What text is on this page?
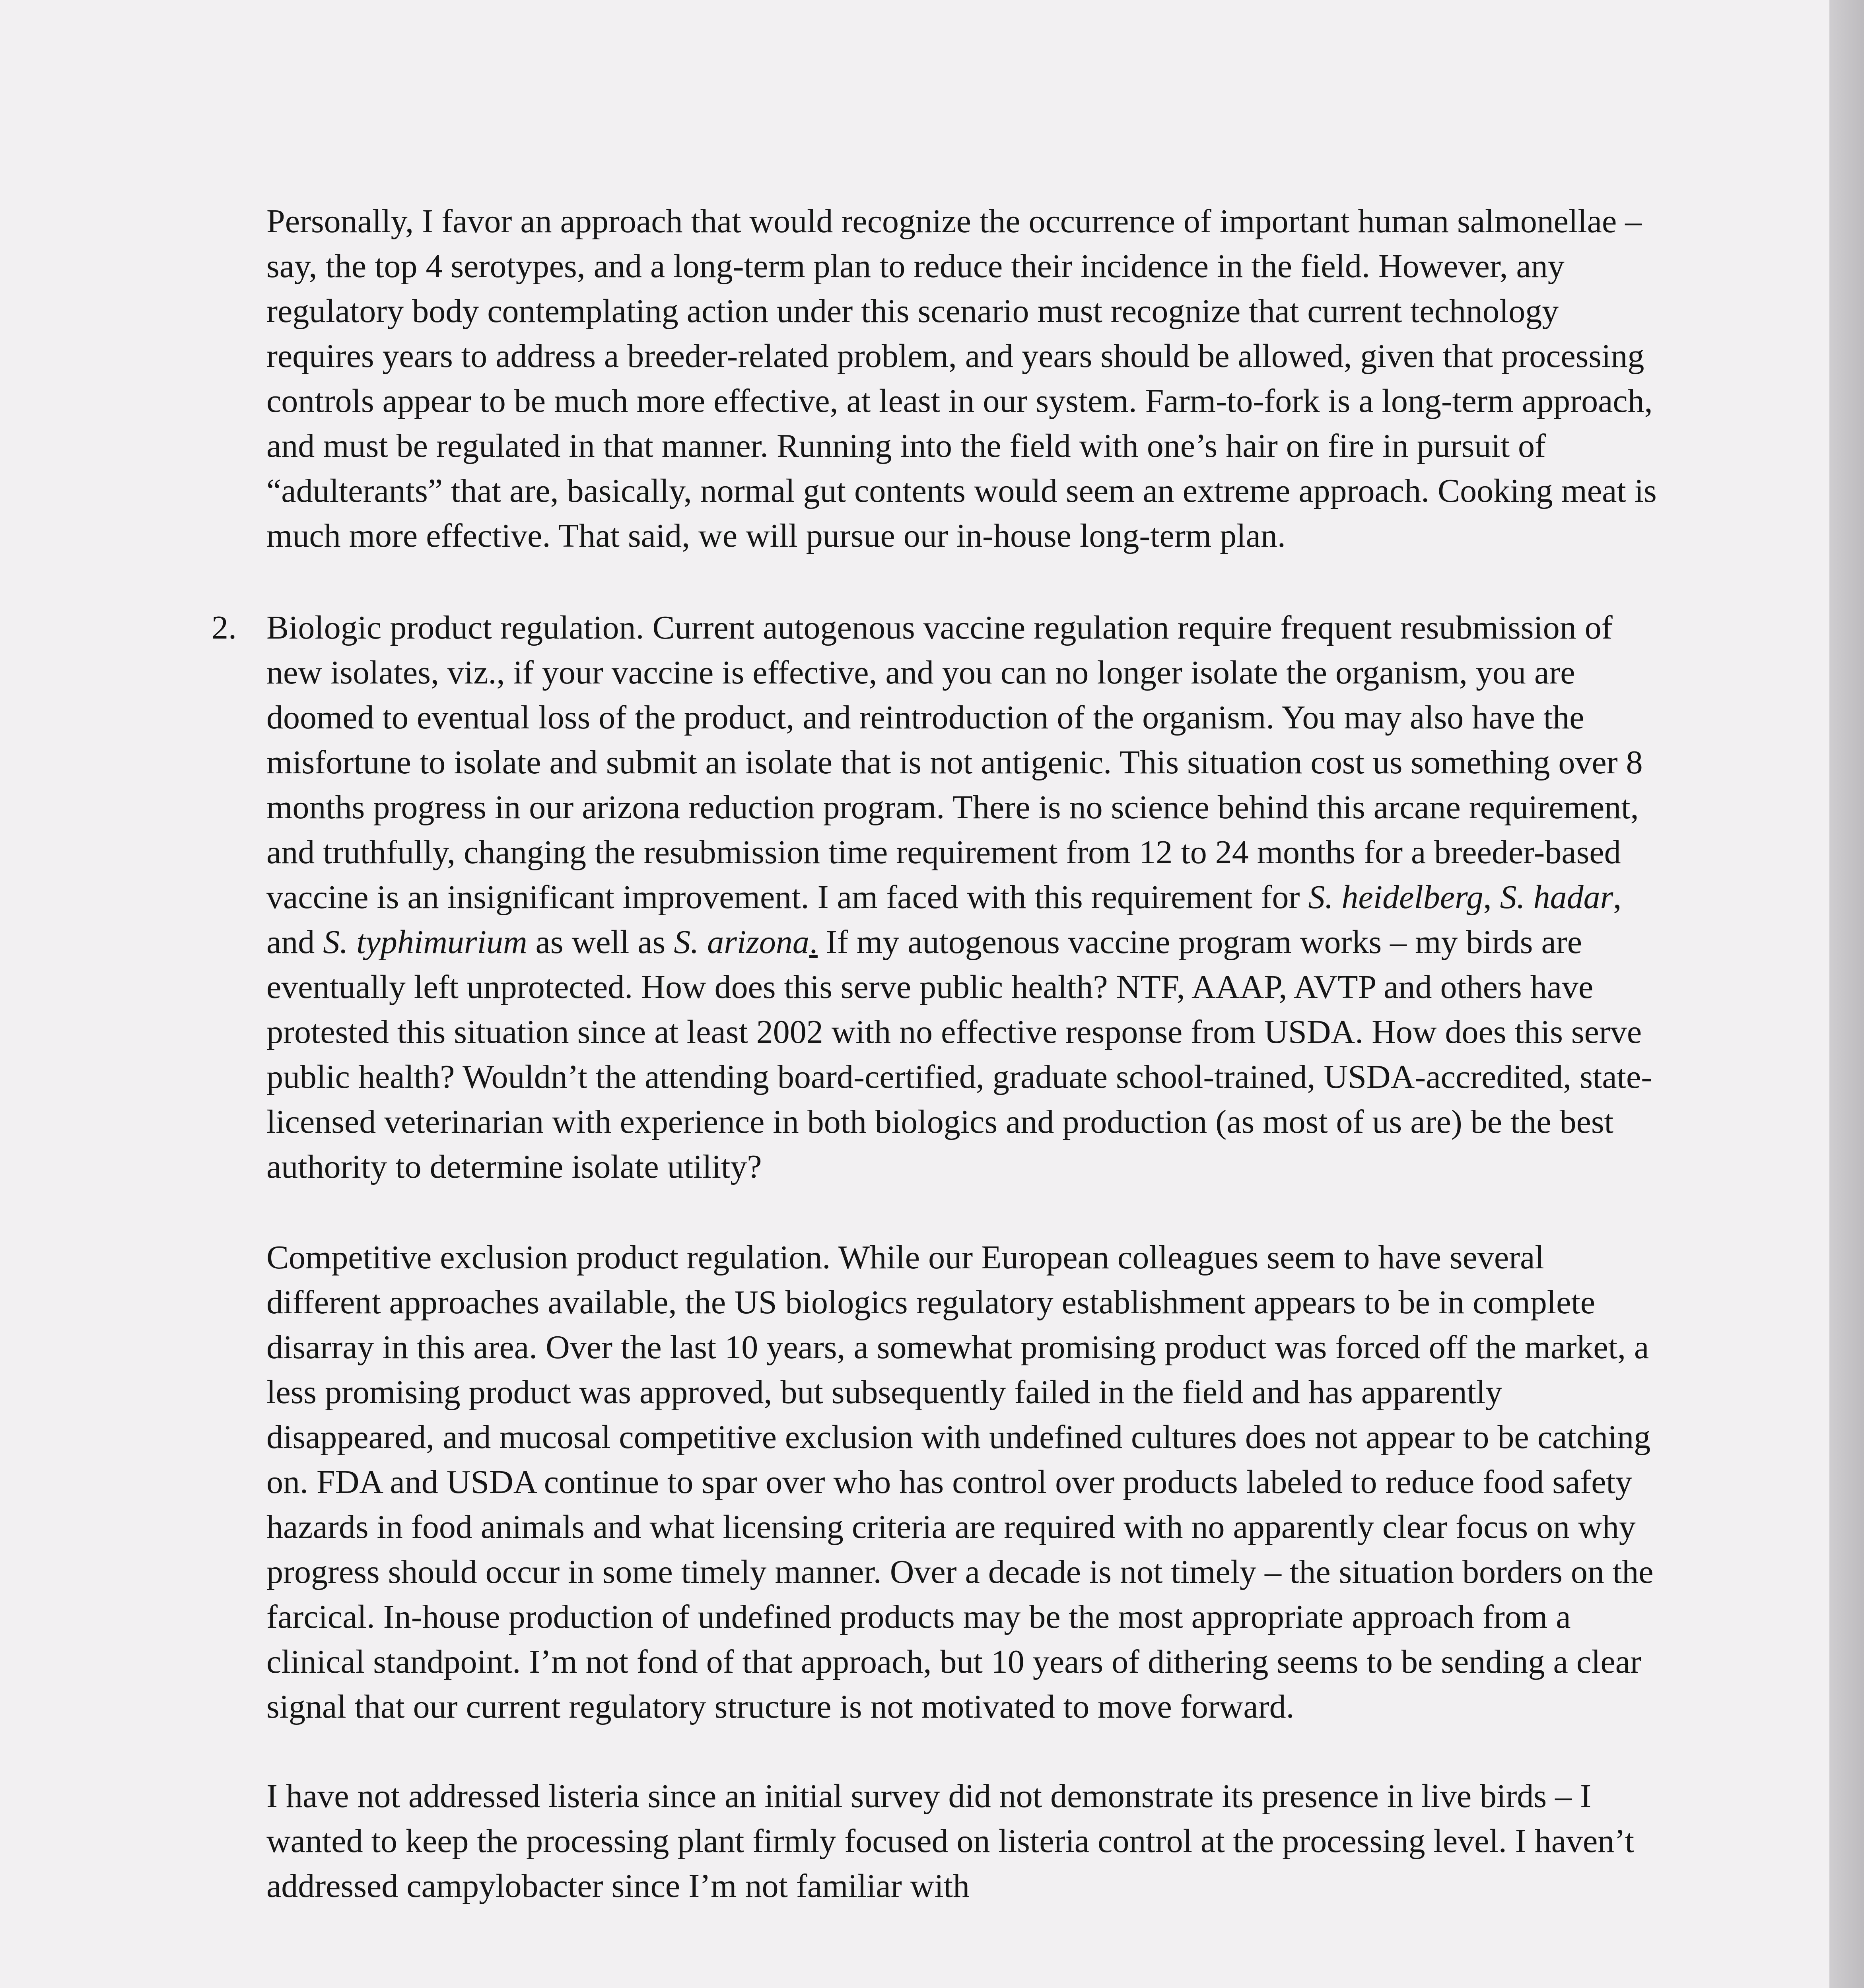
Personally, I favor an approach that would recognize the occurrence of important human salmonellae – say, the top 4 serotypes, and a long-term plan to reduce their incidence in the field. However, any regulatory body contemplating action under this scenario must recognize that current technology requires years to address a breeder-related problem, and years should be allowed, given that processing controls appear to be much more effective, at least in our system. Farm-to-fork is a long-term approach, and must be regulated in that manner. Running into the field with one’s hair on fire in pursuit of “adulterants” that are, basically, normal gut contents would seem an extreme approach. Cooking meat is much more effective. That said, we will pursue our in-house long-term plan.

2. Biologic product regulation. Current autogenous vaccine regulation require frequent resubmission of new isolates, viz., if your vaccine is effective, and you can no longer isolate the organism, you are doomed to eventual loss of the product, and reintroduction of the organism. You may also have the misfortune to isolate and submit an isolate that is not antigenic. This situation cost us something over 8 months progress in our arizona reduction program. There is no science behind this arcane requirement, and truthfully, changing the resubmission time requirement from 12 to 24 months for a breeder-based vaccine is an insignificant improvement. I am faced with this requirement for S. heidelberg, S. hadar, and S. typhimurium as well as S. arizona. If my autogenous vaccine program works – my birds are eventually left unprotected. How does this serve public health? NTF, AAAP, AVTP and others have protested this situation since at least 2002 with no effective response from USDA. How does this serve public health? Wouldn’t the attending board-certified, graduate school-trained, USDA-accredited, state-licensed veterinarian with experience in both biologics and production (as most of us are) be the best authority to determine isolate utility?

Competitive exclusion product regulation. While our European colleagues seem to have several different approaches available, the US biologics regulatory establishment appears to be in complete disarray in this area. Over the last 10 years, a somewhat promising product was forced off the market, a less promising product was approved, but subsequently failed in the field and has apparently disappeared, and mucosal competitive exclusion with undefined cultures does not appear to be catching on. FDA and USDA continue to spar over who has control over products labeled to reduce food safety hazards in food animals and what licensing criteria are required with no apparently clear focus on why progress should occur in some timely manner. Over a decade is not timely – the situation borders on the farcical. In-house production of undefined products may be the most appropriate approach from a clinical standpoint. I’m not fond of that approach, but 10 years of dithering seems to be sending a clear signal that our current regulatory structure is not motivated to move forward.

I have not addressed listeria since an initial survey did not demonstrate its presence in live birds – I wanted to keep the processing plant firmly focused on listeria control at the processing level. I haven’t addressed campylobacter since I’m not familiar with
